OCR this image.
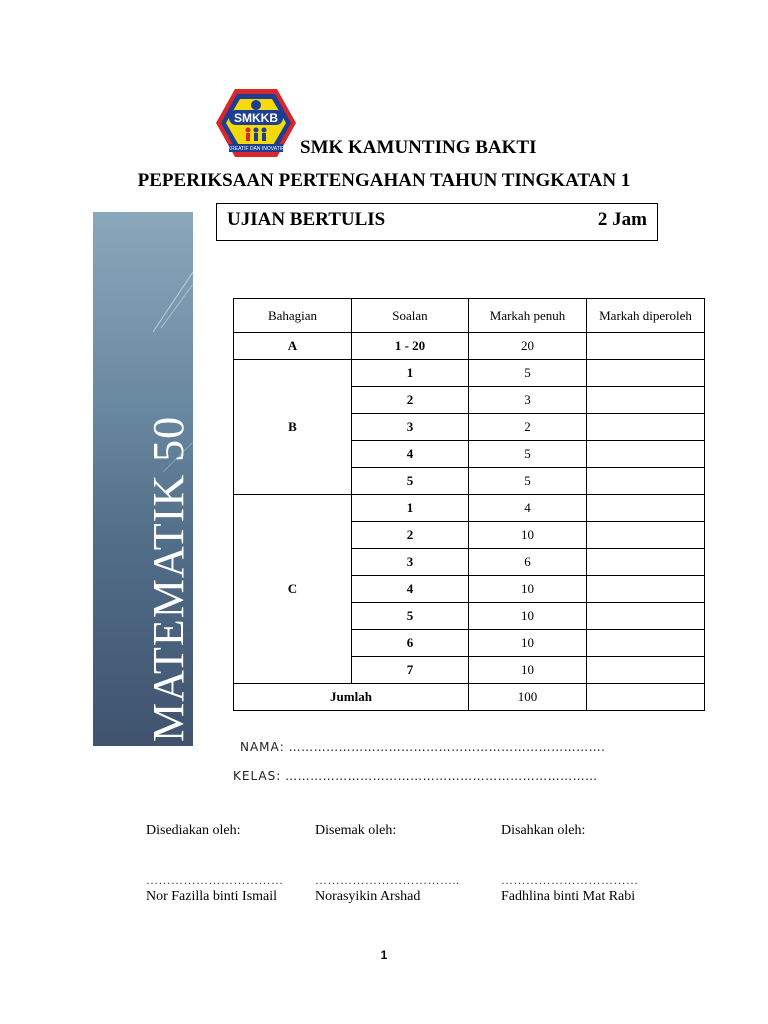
SMKKB
KREATIF DAN INOVATIF SMK KAMUNTING BAKTI
PEPERIKSAAN PERTENGAHAN TAHUN TINGKATAN 1
UJIAN BERTULIS	2 Jam
MATEMATIK 50
Bahagian	Soalan	Markah penuh	Markah diperoleh
A	1 - 20	20	
B	1	5	
	2	3	
	3	2	
	4	5	
	5	5	
C	1	4	
	2	10	
	3	6	
	4	10	
	5	10	
	6	10	
	7	10	
Jumlah		100	
NAMA: ………………………………………………………………….
KELAS: …………………………………………………………………
Disediakan oleh:	Disemak oleh:	Disahkan oleh:
……………………………	……………………………..	……………………………
Nor Fazilla binti Ismail	Norasyikin Arshad	Fadhlina binti Mat Rabi
1
